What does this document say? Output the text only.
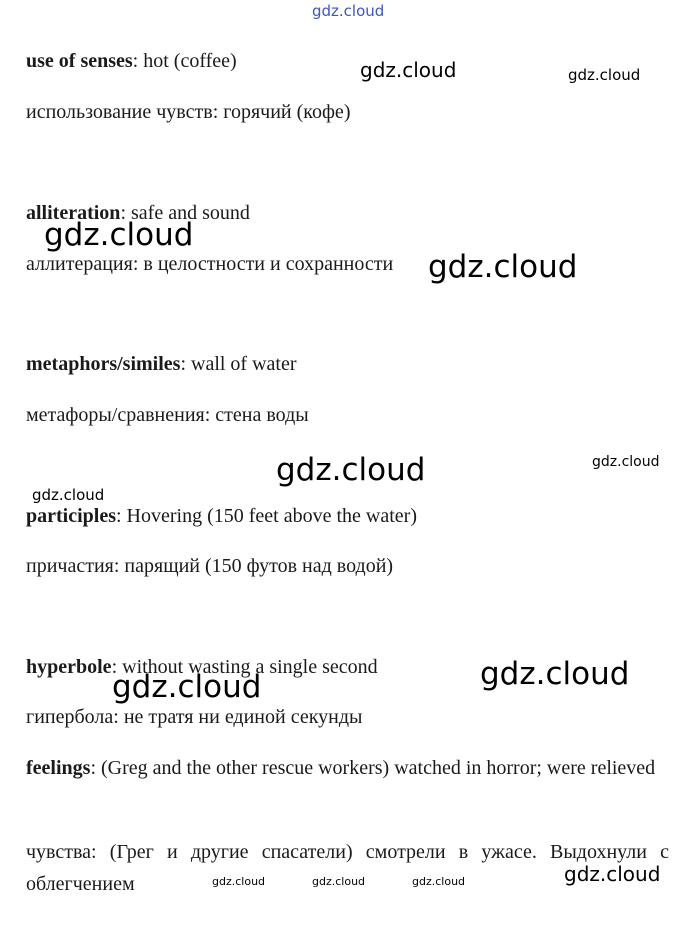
gdz.cloud
use of senses: hot (coffee)
использование чувств: горячий (кофе)
alliteration: safe and sound
аллитерация: в целостности и сохранности
metaphors/similes: wall of water
метафоры/сравнения: стена воды
participles: Hovering (150 feet above the water)
причастия: парящий (150 футов над водой)
hyperbole: without wasting a single second
гипербола: не тратя ни единой секунды
feelings: (Greg and the other rescue workers) watched in horror; were relieved
чувства: (Грег и другие спасатели) смотрели в ужасе. Выдохнули с облегчением
gdz.cloud	gdz.cloud
gdz.cloud
gdz.cloud
gdz.cloud	gdz.cloud
gdz.cloud
gdz.cloud
gdz.cloud
gdz.cloud
gdz.cloud	gdz.cloud	gdz.cloud
